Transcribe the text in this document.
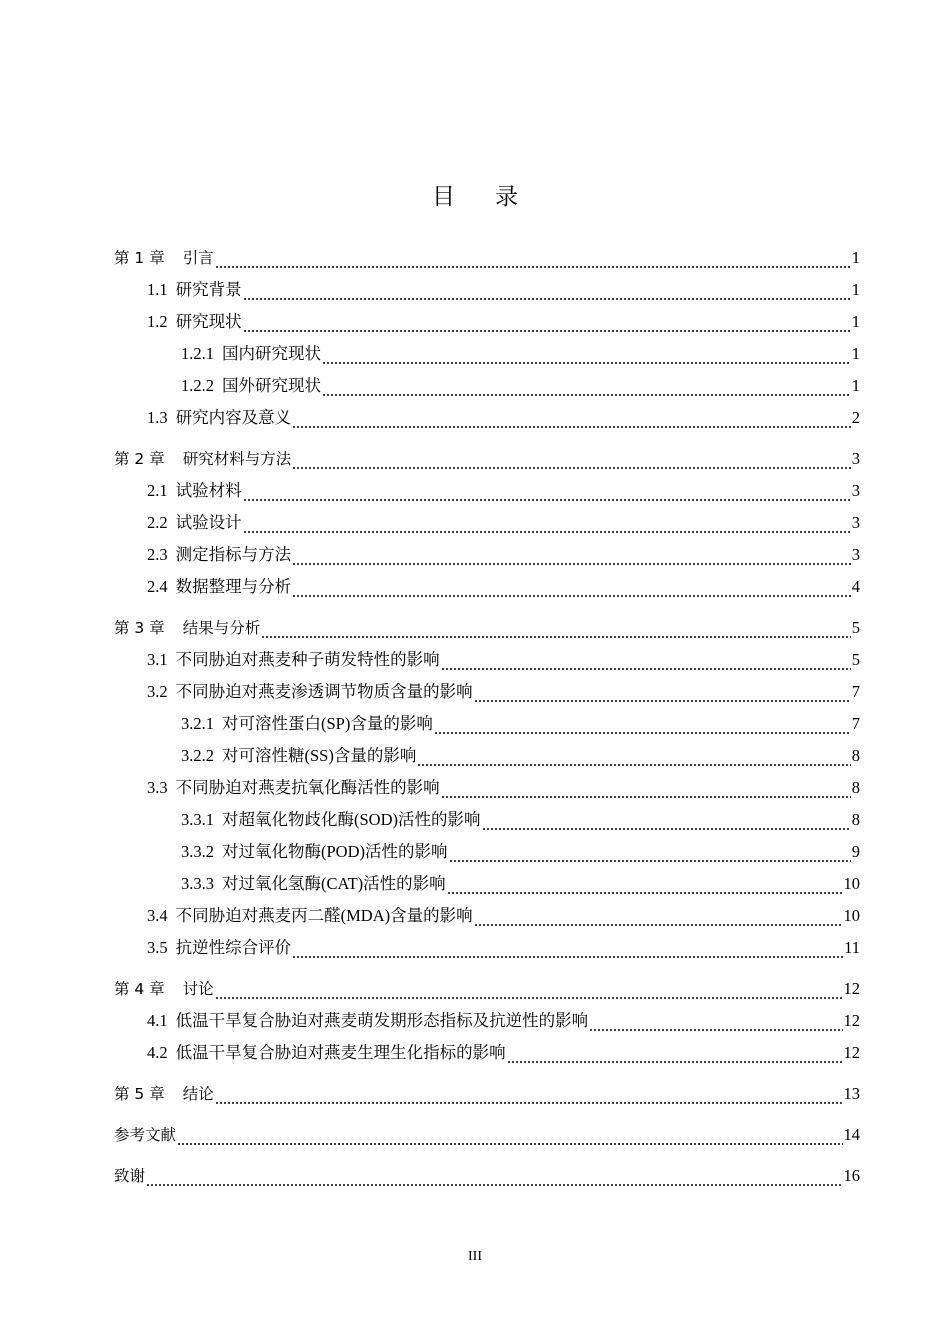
目录
第 1 章 引言	1
1.1 研究背景	1
1.2 研究现状	1
1.2.1 国内研究现状	1
1.2.2 国外研究现状	1
1.3 研究内容及意义	2
第 2 章 研究材料与方法	3
2.1 试验材料	3
2.2 试验设计	3
2.3 测定指标与方法	3
2.4 数据整理与分析	4
第 3 章 结果与分析	5
3.1 不同胁迫对燕麦种子萌发特性的影响	5
3.2 不同胁迫对燕麦渗透调节物质含量的影响	7
3.2.1 对可溶性蛋白(SP)含量的影响	7
3.2.2 对可溶性糖(SS)含量的影响	8
3.3 不同胁迫对燕麦抗氧化酶活性的影响	8
3.3.1 对超氧化物歧化酶(SOD)活性的影响	8
3.3.2 对过氧化物酶(POD)活性的影响	9
3.3.3 对过氧化氢酶(CAT)活性的影响	10
3.4 不同胁迫对燕麦丙二醛(MDA)含量的影响	10
3.5 抗逆性综合评价	11
第 4 章 讨论	12
4.1 低温干旱复合胁迫对燕麦萌发期形态指标及抗逆性的影响	12
4.2 低温干旱复合胁迫对燕麦生理生化指标的影响	12
第 5 章 结论	13
参考文献	14
致谢	16
III
